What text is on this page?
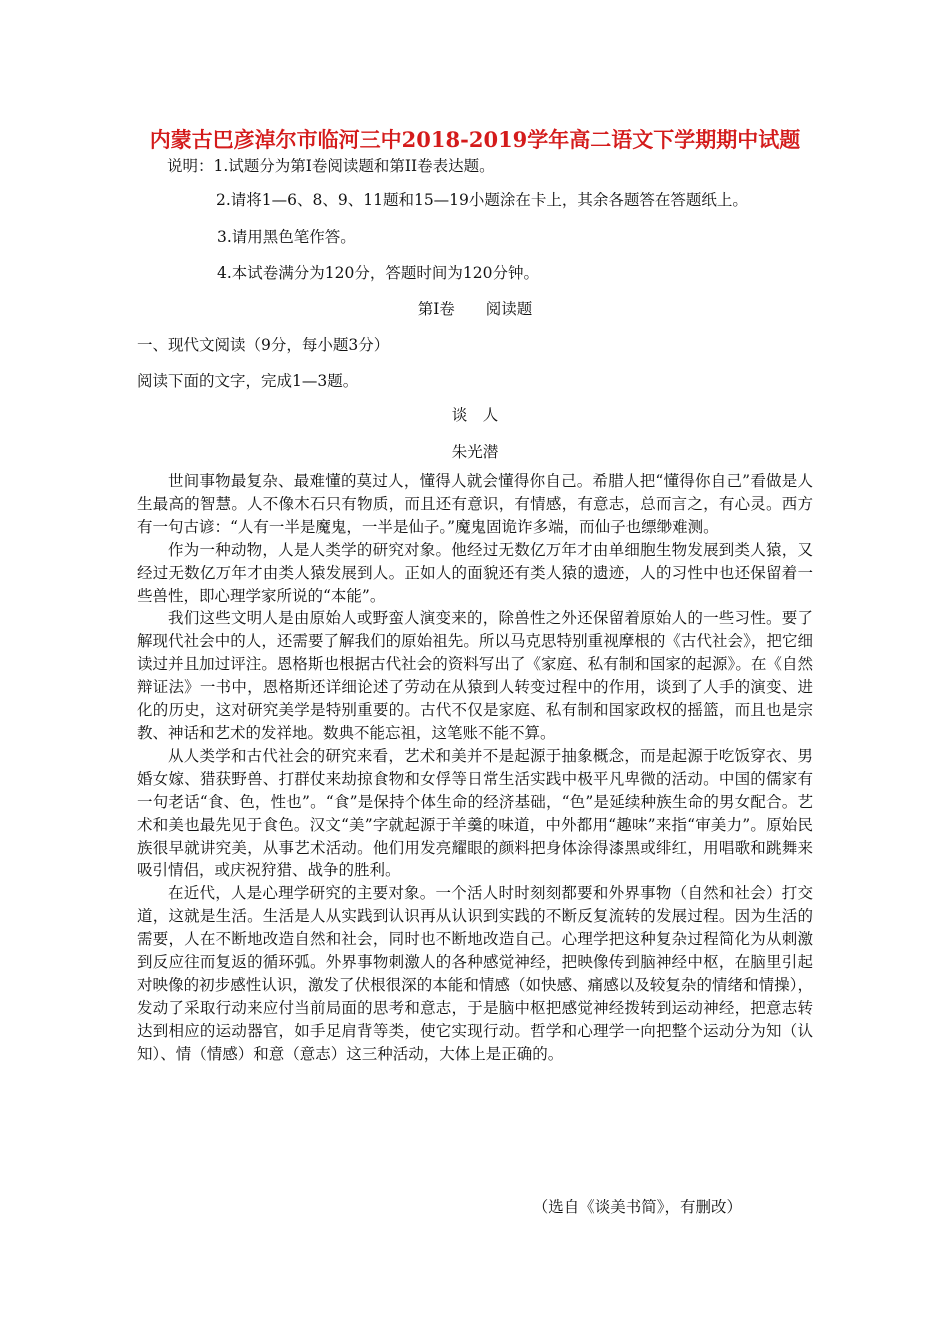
内蒙古巴彦淖尔市临河三中2018-2019学年高二语文下学期期中试题
说明：1.试题分为第Ⅰ卷阅读题和第II卷表达题。
2.请将1—6、8、9、11题和15—19小题涂在卡上，其余各题答在答题纸上。
3.请用黑色笔作答。
4.本试卷满分为120分，答题时间为120分钟。
第Ⅰ卷　　阅读题
一、现代文阅读（9分，每小题3分）
阅读下面的文字，完成1—3题。
谈　人
朱光潜

世间事物最复杂、最难懂的莫过人，懂得人就会懂得你自己。希腊人把“懂得你自己”看做是人生最高的智慧。人不像木石只有物质，而且还有意识，有情感，有意志，总而言之，有心灵。西方有一句古谚：“人有一半是魔鬼，一半是仙子。”魔鬼固诡诈多端，而仙子也缥缈难测。

作为一种动物，人是人类学的研究对象。他经过无数亿万年才由单细胞生物发展到类人猿，又经过无数亿万年才由类人猿发展到人。正如人的面貌还有类人猿的遗迹，人的习性中也还保留着一些兽性，即心理学家所说的“本能”。

我们这些文明人是由原始人或野蛮人演变来的，除兽性之外还保留着原始人的一些习性。要了解现代社会中的人，还需要了解我们的原始祖先。所以马克思特别重视摩根的《古代社会》，把它细读过并且加过评注。恩格斯也根据古代社会的资料写出了《家庭、私有制和国家的起源》。在《自然辩证法》一书中，恩格斯还详细论述了劳动在从猿到人转变过程中的作用，谈到了人手的演变、进化的历史，这对研究美学是特别重要的。古代不仅是家庭、私有制和国家政权的摇篮，而且也是宗教、神话和艺术的发祥地。数典不能忘祖，这笔账不能不算。

从人类学和古代社会的研究来看，艺术和美并不是起源于抽象概念，而是起源于吃饭穿衣、男婚女嫁、猎获野兽、打群仗来劫掠食物和女俘等日常生活实践中极平凡卑微的活动。中国的儒家有一句老话“食、色，性也”。“食”是保持个体生命的经济基础，“色”是延续种族生命的男女配合。艺术和美也最先见于食色。汉文“美”字就起源于羊羹的味道，中外都用“趣味”来指“审美力”。原始民族很早就讲究美，从事艺术活动。他们用发亮耀眼的颜料把身体涂得漆黑或绯红，用唱歌和跳舞来吸引情侣，或庆祝狩猎、战争的胜利。

在近代，人是心理学研究的主要对象。一个活人时时刻刻都要和外界事物（自然和社会）打交道，这就是生活。生活是人从实践到认识再从认识到实践的不断反复流转的发展过程。因为生活的需要，人在不断地改造自然和社会，同时也不断地改造自己。心理学把这种复杂过程简化为从刺激到反应往而复返的循环弧。外界事物刺激人的各种感觉神经，把映像传到脑神经中枢，在脑里引起对映像的初步感性认识，激发了伏根很深的本能和情感（如快感、痛感以及较复杂的情绪和情操），发动了采取行动来应付当前局面的思考和意志，于是脑中枢把感觉神经拨转到运动神经，把意志转达到相应的运动器官，如手足肩背等类，使它实现行动。哲学和心理学一向把整个运动分为知（认知）、情（情感）和意（意志）这三种活动，大体上是正确的。

（选自《谈美书简》，有删改）
